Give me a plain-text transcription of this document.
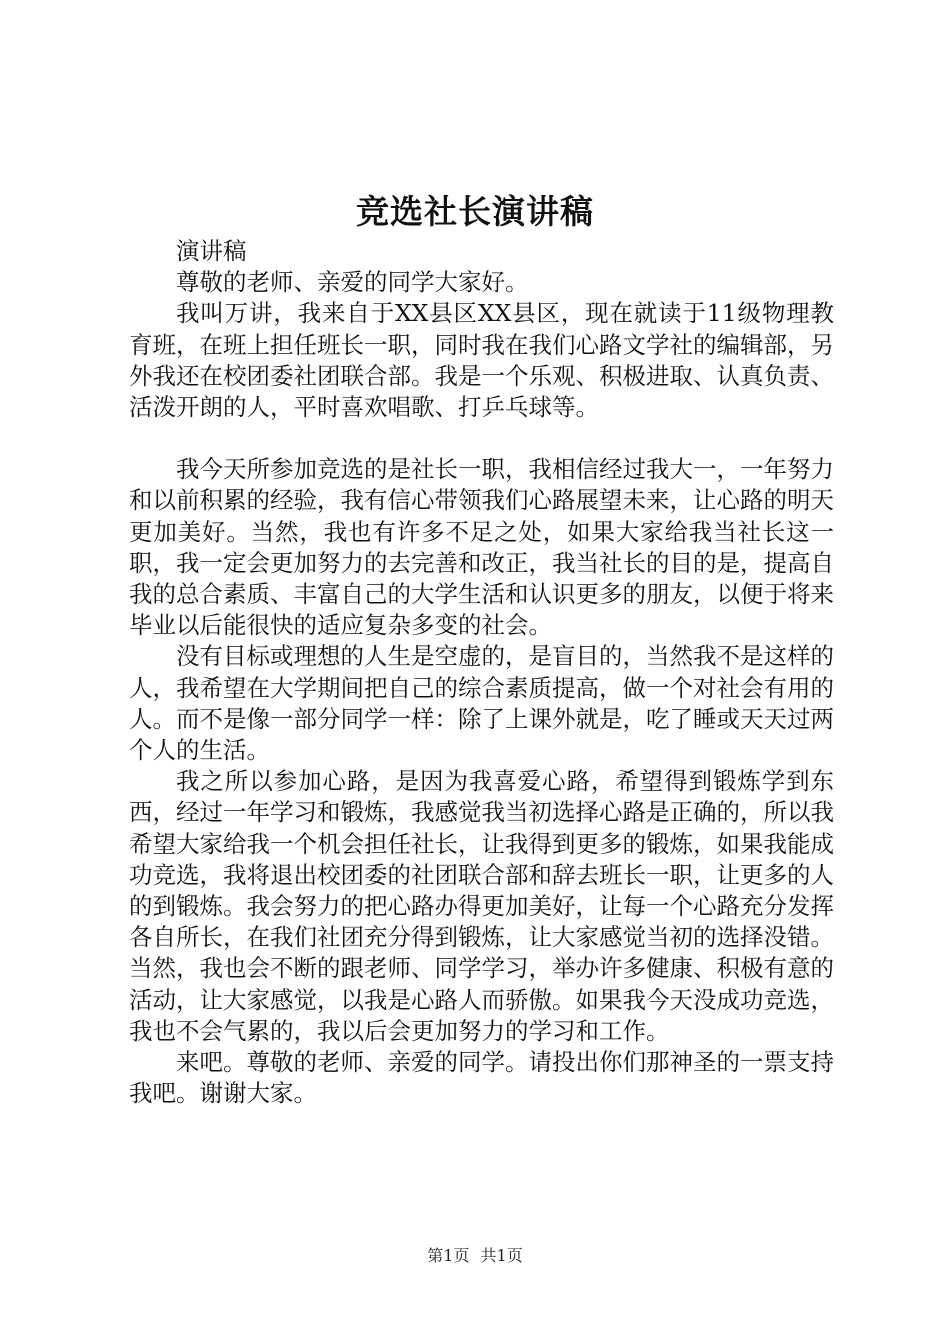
竞选社长演讲稿

演讲稿

尊敬的老师、亲爱的同学大家好。

我叫万讲，我来自于XX县区XX县区，现在就读于11级物理教育班，在班上担任班长一职，同时我在我们心路文学社的编辑部，另外我还在校团委社团联合部。我是一个乐观、积极进取、认真负责、活泼开朗的人，平时喜欢唱歌、打乒乓球等。

我今天所参加竞选的是社长一职，我相信经过我大一，一年努力和以前积累的经验，我有信心带领我们心路展望未来，让心路的明天更加美好。当然，我也有许多不足之处，如果大家给我当社长这一职，我一定会更加努力的去完善和改正，我当社长的目的是，提高自我的总合素质、丰富自己的大学生活和认识更多的朋友，以便于将来毕业以后能很快的适应复杂多变的社会。

没有目标或理想的人生是空虚的，是盲目的，当然我不是这样的人，我希望在大学期间把自己的综合素质提高，做一个对社会有用的人。而不是像一部分同学一样：除了上课外就是，吃了睡或天天过两个人的生活。

我之所以参加心路，是因为我喜爱心路，希望得到锻炼学到东西，经过一年学习和锻炼，我感觉我当初选择心路是正确的，所以我希望大家给我一个机会担任社长，让我得到更多的锻炼，如果我能成功竞选，我将退出校团委的社团联合部和辞去班长一职，让更多的人的到锻炼。我会努力的把心路办得更加美好，让每一个心路充分发挥各自所长，在我们社团充分得到锻炼，让大家感觉当初的选择没错。当然，我也会不断的跟老师、同学学习，举办许多健康、积极有意的活动，让大家感觉，以我是心路人而骄傲。如果我今天没成功竞选，我也不会气累的，我以后会更加努力的学习和工作。

来吧。尊敬的老师、亲爱的同学。请投出你们那神圣的一票支持我吧。谢谢大家。

第1页 共1页
